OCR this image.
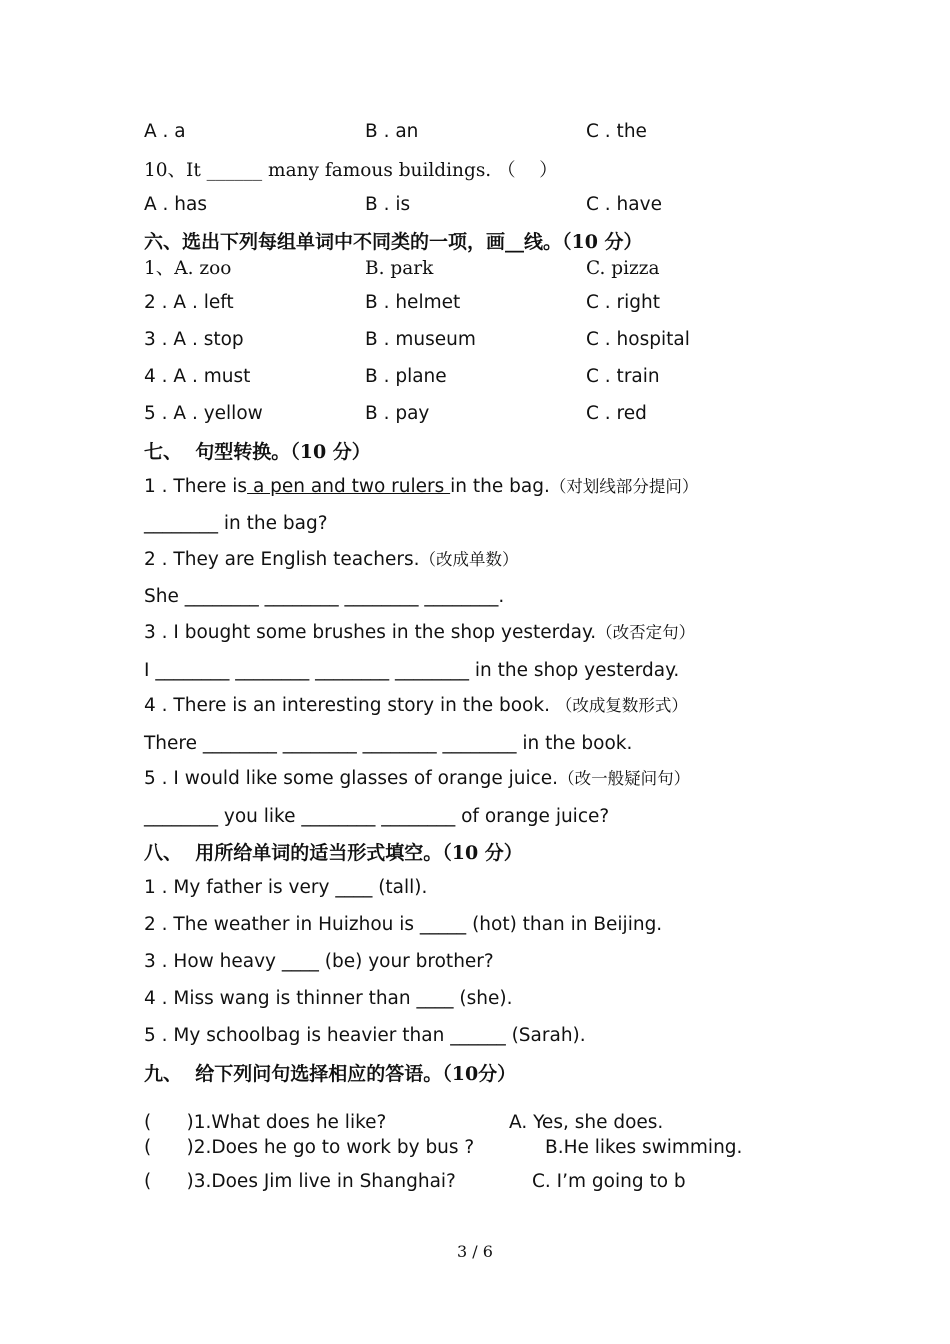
A . a	B . an	C . the
10、It ______ many famous buildings. （    ）
A . has	B . is	C . have
六、选出下列每组单词中不同类的一项，画__线。（10 分）
1、A. zoo	B. park	C. pizza
2 . A . left	B . helmet	C . right
3 . A . stop	B . museum	C . hospital
4 . A . must	B . plane	C . train
5 . A . yellow	B . pay	C . red
七、  句型转换。（10 分）
1 . There is a pen and two rulers in the bag.（对划线部分提问）
________ in the bag?
2 . They are English teachers.（改成单数）
She ________ ________ ________ ________.
3 . I bought some brushes in the shop yesterday.（改否定句）
I ________ ________ ________ ________ in the shop yesterday.
4 . There is an interesting story in the book. （改成复数形式）
There ________ ________ ________ ________ in the book.
5 . I would like some glasses of orange juice.（改一般疑问句）
________ you like ________ ________ of orange juice?
八、  用所给单词的适当形式填空。（10 分）
1 . My father is very ____ (tall).
2 . The weather in Huizhou is _____ (hot) than in Beijing.
3 . How heavy ____ (be) your brother?
4 . Miss wang is thinner than ____ (she).
5 . My schoolbag is heavier than ______ (Sarah).
九、  给下列问句选择相应的答语。（10分）
(      )1.What does he like?	A. Yes, she does.
(      )2.Does he go to work by bus ?	B.He likes swimming.
(      )3.Does Jim live in Shanghai?	C. I’m going to b
3 / 6
